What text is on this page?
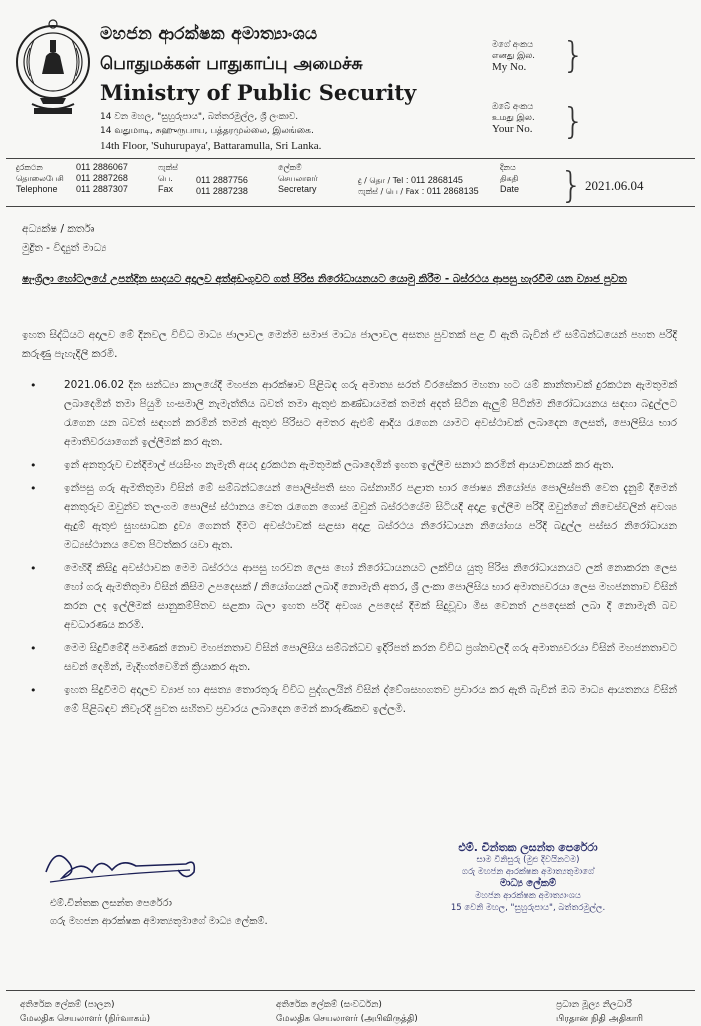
මහජන ආරක්ෂක අමාත්‍යාංශය
பொதுமக்கள் பாதுகாப்பு அமைச்சு
Ministry of Public Security
14 වන මහල, "සුහුරුපාය", බත්තරමුල්ල, ශ්‍රී ලංකාව.
14 வதுமாடி, சுஹுருபாய, பத்தரமுல்லை, இலங்கை.
14th Floor, 'Suhurupaya', Battaramulla, Sri Lanka.
මගේ අංකය
எனது இல.
My No. }
ඔබේ අංකය
உமது இல.
Your No. }
දුරකථන
தொலைபேசி
Telephone
011 2886067
011 2887268
011 2887307
ෆැක්ස්
பெ.
Fax
011 2887756
011 2887238
ලේකම්
செயலாளர்
Secretary
දු / தொ / Tel : 011 2868145
ෆැක්ස් / பெ / Fax : 011 2868135
දිනය
திகதி
Date } 2021.06.04
අධ්‍යක්ෂ / කර්තෘ
මුද්‍රිත - විද්‍යුත් මාධ්‍ය
ෂැංග්‍රිලා හෝටලයේ උපන්දින සාදයට අදාලව අත්අඩංගුවට ගත් පිරිස නිරෝධායනයට යොමු කිරීම - බස්රථය ආපසු හැරවීම යන ව්‍යාජ පුවත
ඉහත සිද්ධියට අදාලව මේ දිනවල විවිධ මාධ්‍ය ජාලාවල මෙන්ම සමාජ මාධ්‍ය ජාලාවල අසත්‍ය පුවතක් පළ වී ඇති බැවින් ඒ සම්බන්ධයෙන් පහත පරිදි කරුණු පැහැදිලි කරමි.
•	2021.06.02 දින සන්ධ්‍යා කාලයේදී මහජන ආරක්ෂාව පිළිබඳ ගරු අමාත්‍ය සරත් වීරසේකර මහතා හට යම් කාන්තාවක් දුරකථන ඇමතුමක් ලබාදෙමින් තමා පියුමි හංසමාලි නැමැත්තිය බවත් තමා ඇතුළු කණ්ඩායමක් තමන් අදත් සිටින ඇලුම් පිටින්ම නිරෝධායනය සඳහා බදුල්ලට රැගෙන යන බවත් සඳහන් කරමින් තමන් ඇතුළු පිරිසට අමතර ඇළුම් ආදිය රැගෙන යාමට අවස්ථාවක් ලබාදෙන ලෙසත්, පොලිසිය භාර අමාතිවරයාගෙන් ඉල්ලීමක් කර ඇත.
•	ඉන් අනතුරුව චන්දිමාල් ජයසිංහ නැමැති අයද දුරකථන ඇමතුමක් ලබාදෙමින් ඉහත ඉල්ලීම සනාථ කරමින් ආයාචනයක් කර ඇත.
•	ඉන්පසු ගරු ඇමතිතුමා විසින් මේ සම්බන්ධයෙන් පොලිස්පති සහ බස්නාහිර පළාත භාර ජොෂ්‍ය නියෝජ්‍ය පොලිස්පති වෙත දැනුම් දීමෙන් අනතුරුව ඔවුන්ව තලංගම පොලිස් ස්ථානය වෙත රැගෙන ගොස් ඔවුන් බස්රථයේම සිටියදී අදාළ ඉල්ලීම පරිදි ඔවුන්ගේ නිවෙස්වලින් අවශ්‍ය ඇදුම් ඇතුළු සුහසාධක ද්‍රව්‍ය ගෙනත් දීමට අවස්ථාවක් සළසා අදාළ බස්රථය නිරෝධායන නියෝගය පරිදි බදුල්ල පස්සර නිරෝධායන මධ්‍යස්ථානය වෙත පිටත්කර යවා ඇත.
•	මෙහිදී කිසිදු අවස්ථාවක මෙම බස්රථය ආපසු හරවන ලෙස හෝ නිරෝධායනයට ලක්විය යුතු පිරිස නිරෝධායනයට ලක් නොකරන ලෙස හෝ ගරු ඇමතිතුමා විසින් කිසිම උපදෙසක් / නියෝගයක් ලබාදී නොමැති අතර, ශ්‍රී ලංකා පොලිසිය භාර අමාත්‍යවරයා ලෙස මහජනතාව විසින් කරන ලද ඉල්ලීමක් සානුකම්පිතව සළකා බලා ඉහත පරිදි අවශ්‍ය උපදෙස් දීමක් සිදුවූවා මිස වෙනත් උපදෙසක් ලබා දී නොමැති බව අවධාරණය කරමි.
•	මෙම සිදුවීමේදී පමණක් නොව මහජනතාව විසින් පොලිසිය සම්බන්ධව ඉදිරිපත් කරන විවිධ ප්‍රශ්නවලදී ගරු අමාත්‍යවරයා විසින් මහජනතාවට සවන් දෙමින්, මැදිහත්වෙමින් ක්‍රියාකර ඇත.
•	ඉහත සිදුවීමට අදාලව ව්‍යාජ හා අසත්‍ය තොරතුරු විවිධ පුද්ගලයින් විසින් ද්වේශසහගතව ප්‍රචාරය කර ඇති බැවින් ඔබ මාධ්‍ය ආයතනය විසින් මේ පිළිබඳව නිවැරදි පුවත සහිතව ප්‍රචාරය ලබාදෙන මෙන් කාරුණිකව ඉල්ලමි.
එම්.චින්තක ලසන්ත පෙරේරා
ගරු මහජන ආරක්ෂක අමාත්‍යතුමාගේ මාධ්‍ය ලේකම්.
එම්. චින්තක ලසන්ත පෙරේරා
සාම විනිසුරු (මුළු දිවයිනටම)
ගරු මහජන ආරක්ෂක අමාත්‍යතුමාගේ
මාධ්‍ය ලේකම්
මහජන ආරක්ෂක අමාත්‍යාංශය
15 වෙනි මහල, "සුහුරුපාය", බත්තරමුල්ල.
අතිරේක ලේකම් (පාලන)
மேலதிக செயலாளர் (நிர்வாகம்)
අතිරේක ලේකම් (සංවර්ධන)
மேலதிக செயலாளர் (அபிவிருத்தி)
ප්‍රධාන මූල්‍ය නිලධාරී
பிரதான நிதி அதிகாரி
